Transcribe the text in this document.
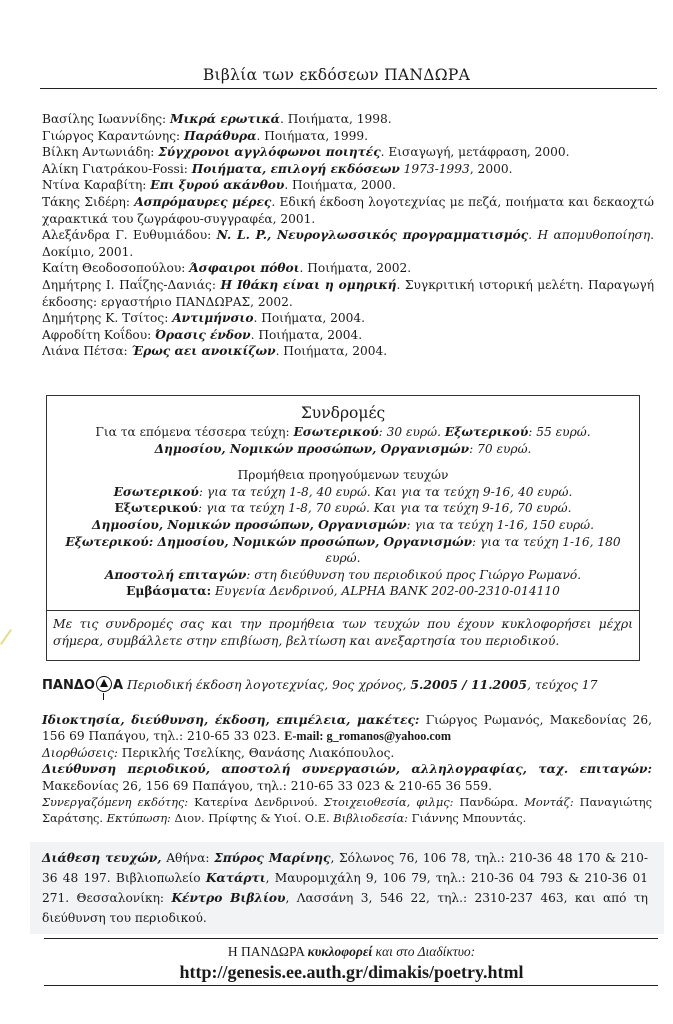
Βιβλία των εκδόσεων ΠΑΝΔΩΡΑ

Βασίλης Ιωαννίδης: Μικρά ερωτικά. Ποιήματα, 1998.

Γιώργος Καραντώνης: Παράθυρα. Ποιήματα, 1999.

Βίλκη Αντωνιάδη: Σύγχρονοι αγγλόφωνοι ποιητές. Εισαγωγή, μετάφραση, 2000.

Αλίκη Γιατράκου-Fossi: Ποιήματα, επιλογή εκδόσεων 1973-1993, 2000.

Ντίνα Καραβίτη: Επι ξυρού ακάνθου. Ποιήματα, 2000.

Τάκης Σιδέρη: Ασπρόμαυρες μέρες. Εδική έκδοση λογοτεχνίας με πεζά, ποιήματα και δεκαοχτώ χαρακτικά του ζωγράφου-συγγραφέα, 2001.

Αλεξάνδρα Γ. Ευθυμιάδου: N. L. P., Νευρογλωσσικός προγραμματισμός. Η απομυθοποίηση. Δοκίμιο, 2001.

Καίτη Θεοδοσοπούλου: Άσφαιροι πόθοι. Ποιήματα, 2002.

Δημήτρης Ι. Παΐζης-Δανιάς: Η Ιθάκη είναι η ομηρική. Συγκριτική ιστορική μελέτη. Παραγωγή έκδοσης: εργαστήριο ΠΑΝΔΩΡΑΣ, 2002.

Δημήτρης Κ. Τσίτος: Αντιμήνσιο. Ποιήματα, 2004.

Αφροδίτη Κοΐδου: Όρασις ένδον. Ποιήματα, 2004.

Λιάνα Πέτσα: Έρως αει ανοικίζων. Ποιήματα, 2004.

Συνδρομές

Για τα επόμενα τέσσερα τεύχη: Εσωτερικού: 30 ευρώ. Εξωτερικού: 55 ευρώ.

Δημοσίου, Νομικών προσώπων, Οργανισμών: 70 ευρώ.

Προμήθεια προηγούμενων τευχών

Εσωτερικού: για τα τεύχη 1-8, 40 ευρώ. Και για τα τεύχη 9-16, 40 ευρώ.

Εξωτερικού: για τα τεύχη 1-8, 70 ευρώ. Και για τα τεύχη 9-16, 70 ευρώ.

Δημοσίου, Νομικών προσώπων, Οργανισμών: για τα τεύχη 1-16, 150 ευρώ.

Εξωτερικού: Δημοσίου, Νομικών προσώπων, Οργανισμών: για τα τεύχη 1-16, 180 ευρώ.

Αποστολή επιταγών: στη διεύθυνση του περιοδικού προς Γιώργο Ρωμανό.

Εμβάσματα: Ευγενία Δενδρινού, ALPHA BANK 202-00-2310-014110

Με τις συνδρομές σας και την προμήθεια των τευχών που έχουν κυκλοφορήσει μέχρι σήμερα, συμβάλλετε στην επιβίωση, βελτίωση και ανεξαρτησία του περιοδικού.
ΠΑΝΔΟ Α Περιοδική έκδοση λογοτεχνίας, 9ος χρόνος, 5.2005 / 11.2005, τεύχος 17

Ιδιοκτησία, διεύθυνση, έκδοση, επιμέλεια, μακέτες: Γιώργος Ρωμανός, Μακεδονίας 26, 156 69 Παπάγου, τηλ.: 210-65 33 023. E-mail: g_romanos@yahoo.com

Διορθώσεις: Περικλής Τσελίκης, Θανάσης Λιακόπουλος.

Διεύθυνση περιοδικού, αποστολή συνεργασιών, αλληλογραφίας, ταχ. επιταγών: Μακεδονίας 26, 156 69 Παπάγου, τηλ.: 210-65 33 023 & 210-65 36 559.

Συνεργαζόμενη εκδότης: Κατερίνα Δενδρινού. Στοιχειοθεσία, φιλμς: Πανδώρα. Μοντάζ: Παναγιώτης Σαράτσης. Εκτύπωση: Διον. Πρίφτης & Υιοί. Ο.Ε. Βιβλιοδεσία: Γιάννης Μπουντάς.

Διάθεση τευχών, Αθήνα: Σπύρος Μαρίνης, Σόλωνος 76, 106 78, τηλ.: 210-36 48 170 & 210-36 48 197. Βιβλιοπωλείο Κατάρτι, Μαυρομιχάλη 9, 106 79, τηλ.: 210-36 04 793 & 210-36 01 271. Θεσσαλονίκη: Κέντρο Βιβλίου, Λασσάνη 3, 546 22, τηλ.: 2310-237 463, και από τη διεύθυνση του περιοδικού.

Η ΠΑΝΔΩΡΑ κυκλοφορεί και στο Διαδίκτυο:
http://genesis.ee.auth.gr/dimakis/poetry.html
